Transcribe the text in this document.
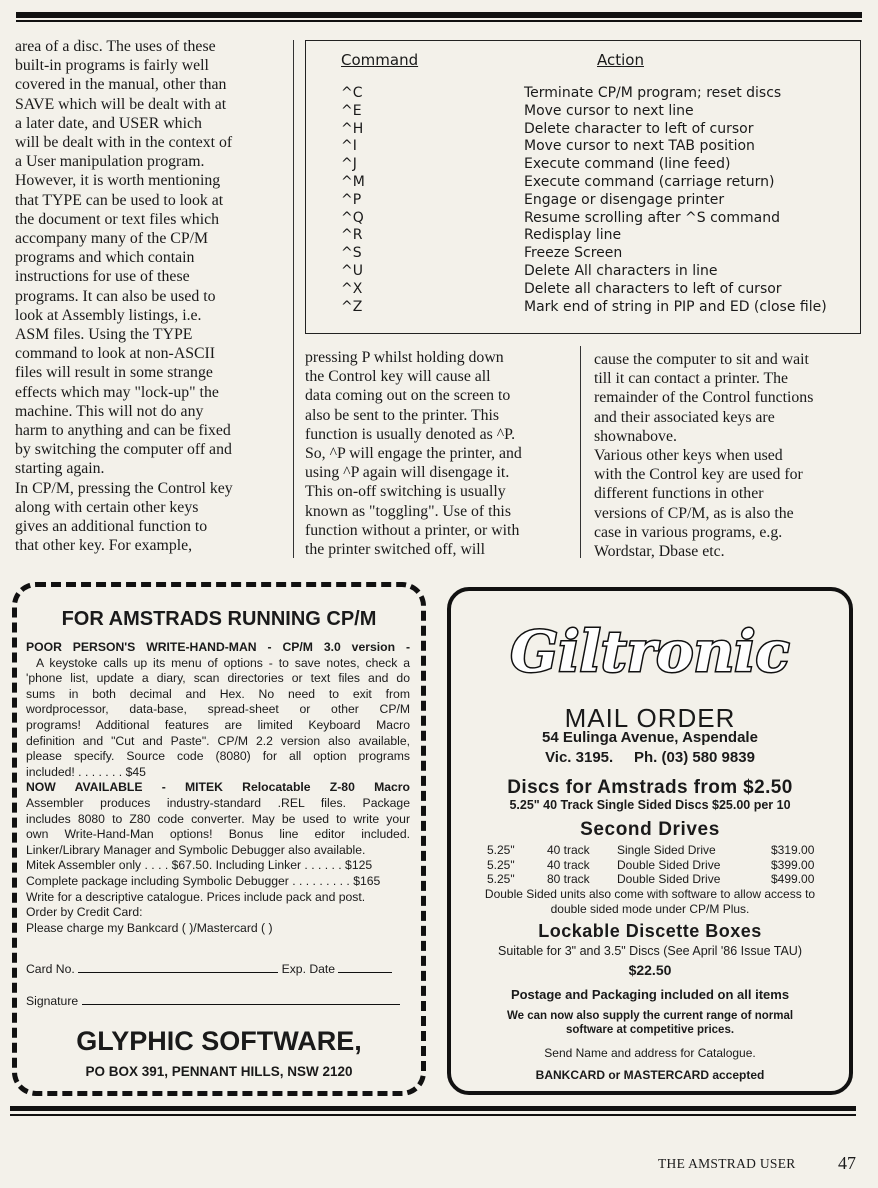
area of a disc. The uses of these

built-in programs is fairly well

covered in the manual, other than

SAVE which will be dealt with at

a later date, and USER which

will be dealt with in the context of

a User manipulation program.

However, it is worth mentioning

that TYPE can be used to look at

the document or text files which

accompany many of the CP/M

programs and which contain

instructions for use of these

programs. It can also be used to

look at Assembly listings, i.e.

ASM files. Using the TYPE

command to look at non-ASCII

files will result in some strange

effects which may "lock-up" the

machine. This will not do any

harm to anything and can be fixed

by switching the computer off and

starting again.

In CP/M, pressing the Control key

along with certain other keys

gives an additional function to

that other key. For example,

pressing P whilst holding down

the Control key will cause all

data coming out on the screen to

also be sent to the printer. This

function is usually denoted as ^P.

So, ^P will engage the printer, and

using ^P again will disengage it.

This on-off switching is usually

known as "toggling". Use of this

function without a printer, or with

the printer switched off, will

cause the computer to sit and wait

till it can contact a printer. The

remainder of the Control functions

and their associated keys are

shownabove.

Various other keys when used

with the Control key are used for

different functions in other

versions of CP/M, as is also the

case in various programs, e.g.

Wordstar, Dbase etc.

Command	Action
^C	Terminate CP/M program; reset discs
^E	Move cursor to next line
^H	Delete character to left of cursor
^I	Move cursor to next TAB position
^J	Execute command (line feed)
^M	Execute command (carriage return)
^P	Engage or disengage printer
^Q	Resume scrolling after ^S command
^R	Redisplay line
^S	Freeze Screen
^U	Delete All characters in line
^X	Delete all characters to left of cursor
^Z	Mark end of string in PIP and ED (close file)
FOR AMSTRADS RUNNING CP/M

POOR PERSON'S WRITE-HAND-MAN - CP/M 3.0 version -

A keystoke calls up its menu of options - to save notes, check a

'phone list, update a diary, scan directories or text files and do

sums in both decimal and Hex. No need to exit from

wordprocessor, data-base, spread-sheet or other CP/M

programs! Additional features are limited Keyboard Macro

definition and "Cut and Paste". CP/M 2.2 version also available,

please specify. Source code (8080) for all option programs

included! . . . . . . . $45

NOW AVAILABLE - MITEK Relocatable Z-80 Macro

Assembler produces industry-standard .REL files. Package

includes 8080 to Z80 code converter. May be used to write your

own Write-Hand-Man options! Bonus line editor included.

Linker/Library Manager and Symbolic Debugger also available.

Mitek Assembler only . . . . $67.50. Including Linker . . . . . . $125

Complete package including Symbolic Debugger . . . . . . . . . $165

Write for a descriptive catalogue. Prices include pack and post.

Order by Credit Card:

Please charge my Bankcard ( )/Mastercard ( )

Card No.	Exp. Date
Signature
GLYPHIC SOFTWARE,
PO BOX 391, PENNANT HILLS, NSW 2120
Giltronic
MAIL ORDER
54 Eulinga Avenue, Aspendale
Vic. 3195.     Ph. (03) 580 9839
Discs for Amstrads from $2.50
5.25" 40 Track Single Sided Discs $25.00 per 10
Second Drives
5.25"	40 track Single Sided Drive	$319.00
5.25"	40 track Double Sided Drive	$399.00
5.25"	80 track Double Sided Drive	$499.00
Double Sided units also come with software to allow access to
double sided mode under CP/M Plus.
Lockable Discette Boxes
Suitable for 3" and 3.5" Discs (See April '86 Issue TAU)
$22.50
Postage and Packaging included on all items
We can now also supply the current range of normal
software at competitive prices.
Send Name and address for Catalogue.
BANKCARD or MASTERCARD accepted
THE AMSTRAD USER 47
